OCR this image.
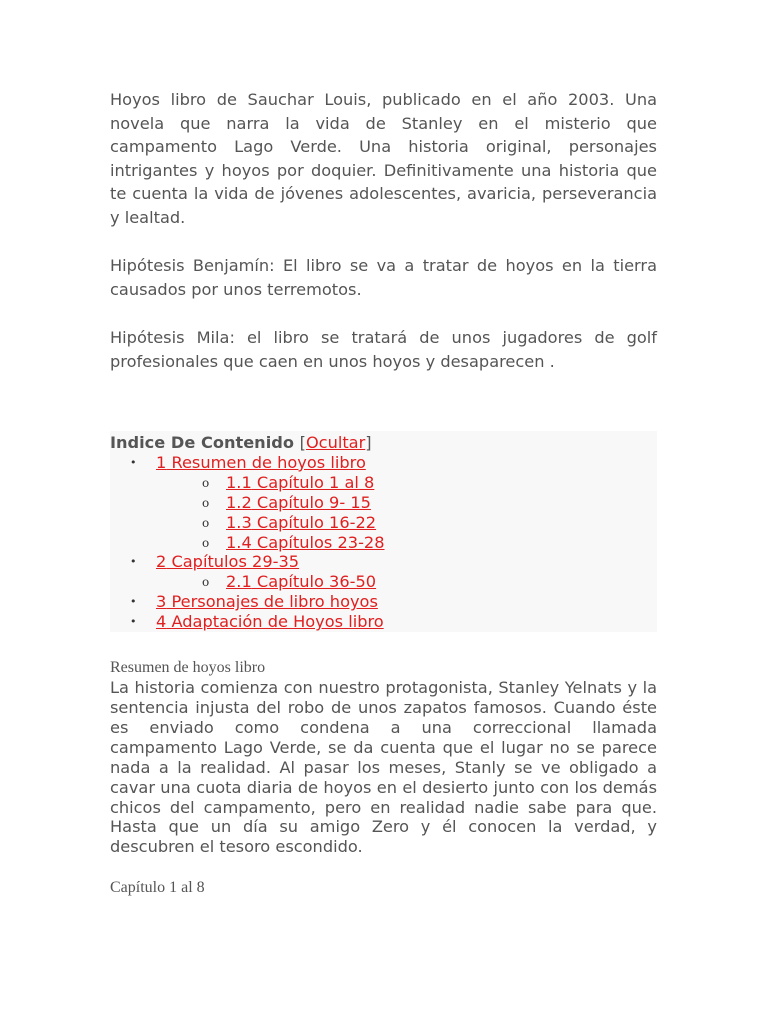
Hoyos libro de Sauchar Louis, publicado en el año 2003. Una novela que narra la vida de Stanley en el misterio que campamento Lago Verde. Una historia original, personajes intrigantes y hoyos por doquier. Definitivamente una historia que te cuenta la vida de jóvenes adolescentes, avaricia, perseverancia y lealtad.

Hipótesis Benjamín: El libro se va a tratar de hoyos en la tierra causados por unos terremotos.

Hipótesis Mila: el libro se tratará de unos jugadores de golf profesionales que caen en unos hoyos y desaparecen .

Indice De Contenido [Ocultar]
• 1 Resumen de hoyos libro
o 1.1 Capítulo 1 al 8
o 1.2 Capítulo 9- 15
o 1.3 Capítulo 16-22
o 1.4 Capítulos 23-28
• 2 Capítulos 29-35
o 2.1 Capítulo 36-50
• 3 Personajes de libro hoyos
• 4 Adaptación de Hoyos libro
Resumen de hoyos libro

La historia comienza con nuestro protagonista, Stanley Yelnats y la sentencia injusta del robo de unos zapatos famosos. Cuando éste es enviado como condena a una correccional llamada campamento Lago Verde, se da cuenta que el lugar no se parece nada a la realidad. Al pasar los meses, Stanly se ve obligado a cavar una cuota diaria de hoyos en el desierto junto con los demás chicos del campamento, pero en realidad nadie sabe para que. Hasta que un día su amigo Zero y él conocen la verdad, y descubren el tesoro escondido.

Capítulo 1 al 8
